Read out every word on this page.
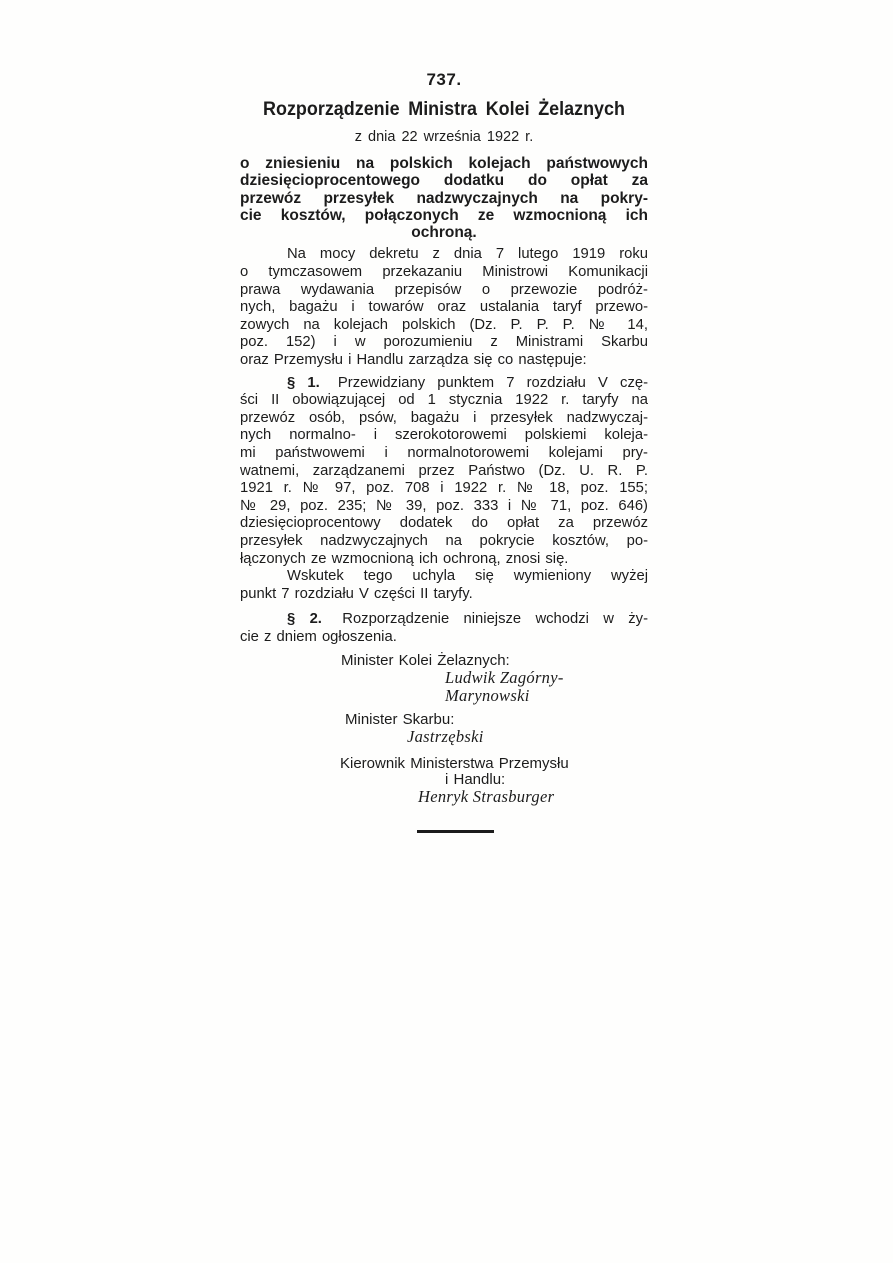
737.
Rozporządzenie Ministra Kolei Żelaznych
z dnia 22 września 1922 r.
o zniesieniu na polskich kolejach państwowych
dziesięcioprocentowego dodatku do opłat za
przewóz przesyłek nadzwyczajnych na pokry-
cie kosztów, połączonych ze wzmocnioną ich
ochroną.
Na mocy dekretu z dnia 7 lutego 1919 roku
o tymczasowem przekazaniu Ministrowi Komunikacji
prawa wydawania przepisów o przewozie podróż-
nych, bagażu i towarów oraz ustalania taryf przewo-
zowych na kolejach polskich (Dz. P. P. P. № 14,
poz. 152) i w porozumieniu z Ministrami Skarbu
oraz Przemysłu i Handlu zarządza się co następuje:
§ 1. Przewidziany punktem 7 rozdziału V czę-
ści II obowiązującej od 1 stycznia 1922 r. taryfy na
przewóz osób, psów, bagażu i przesyłek nadzwyczaj-
nych normalno- i szerokotorowemi polskiemi koleja-
mi państwowemi i normalnotorowemi kolejami pry-
watnemi, zarządzanemi przez Państwo (Dz. U. R. P.
1921 r. № 97, poz. 708 i 1922 r. № 18, poz. 155;
№ 29, poz. 235; № 39, poz. 333 i № 71, poz. 646)
dziesięcioprocentowy dodatek do opłat za przewóz
przesyłek nadzwyczajnych na pokrycie kosztów, po-
łączonych ze wzmocnioną ich ochroną, znosi się.
Wskutek tego uchyla się wymieniony wyżej
punkt 7 rozdziału V części II taryfy.
§ 2. Rozporządzenie niniejsze wchodzi w ży-
cie z dniem ogłoszenia.
Minister Kolei Żelaznych:
Ludwik Zagórny-Marynowski
Minister Skarbu:
Jastrzębski
Kierownik Ministerstwa Przemysłu
i Handlu:
Henryk Strasburger
